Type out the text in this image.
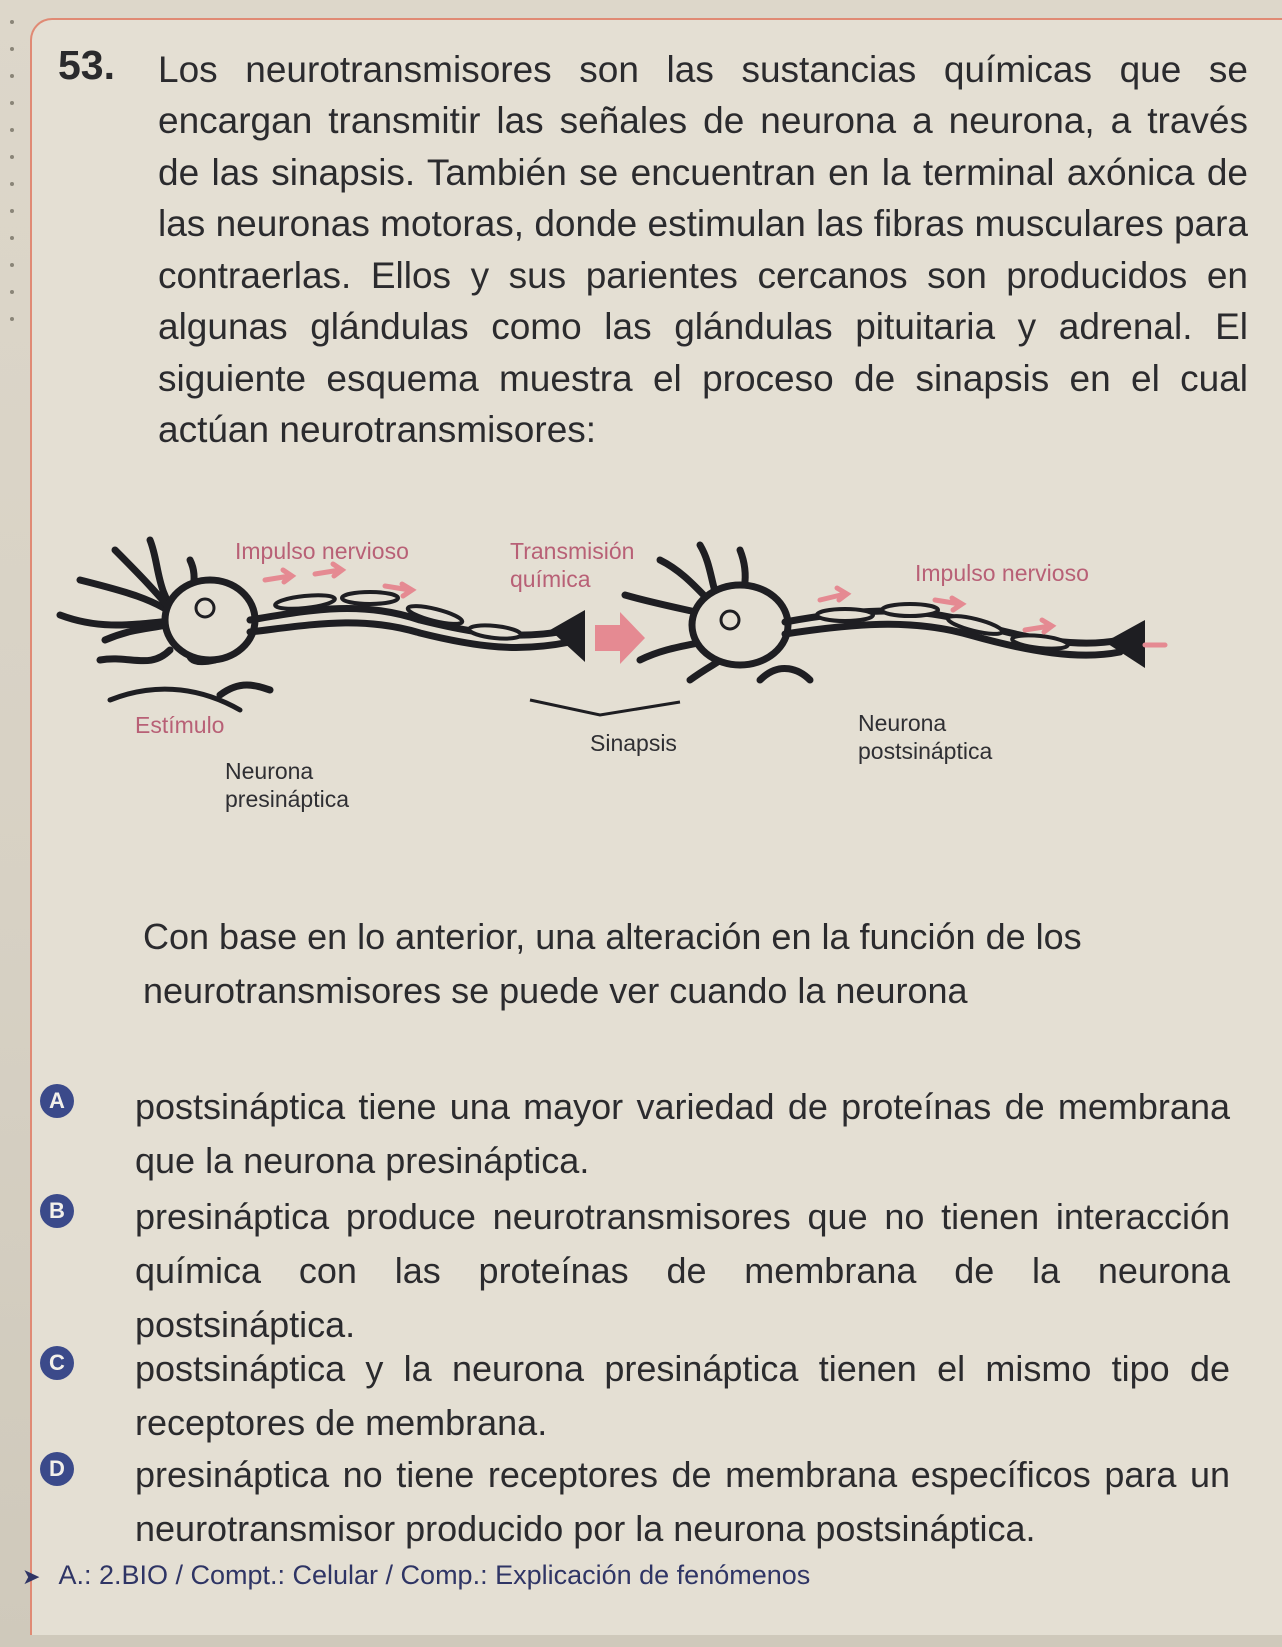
53. Los neurotransmisores son las sustancias químicas que se encargan transmitir las señales de neurona a neurona, a través de las sinapsis. También se encuentran en la terminal axónica de las neuronas motoras, donde estimulan las fibras musculares para contraerlas. Ellos y sus parientes cercanos son producidos en algunas glándulas como las glándulas pituitaria y adrenal. El siguiente esquema muestra el proceso de sinapsis en el cual actúan neurotransmisores:

Impulso nervioso	Transmisión
química	Impulso nervioso
Estímulo
Sinapsis
Neurona
presináptica
Neurona
postsináptica

Con base en lo anterior, una alteración en la función de los neurotransmisores se puede ver cuando la neurona

A postsináptica tiene una mayor variedad de proteínas de membrana que la neurona presináptica.

B presináptica produce neurotransmisores que no tienen interacción química con las proteínas de membrana de la neurona postsináptica.

C postsináptica y la neurona presináptica tienen el mismo tipo de receptores de membrana.

D presináptica no tiene receptores de membrana específicos para un neurotransmisor producido por la neurona postsináptica.

➤ A.: 2.BIO / Compt.: Celular / Comp.: Explicación de fenómenos
